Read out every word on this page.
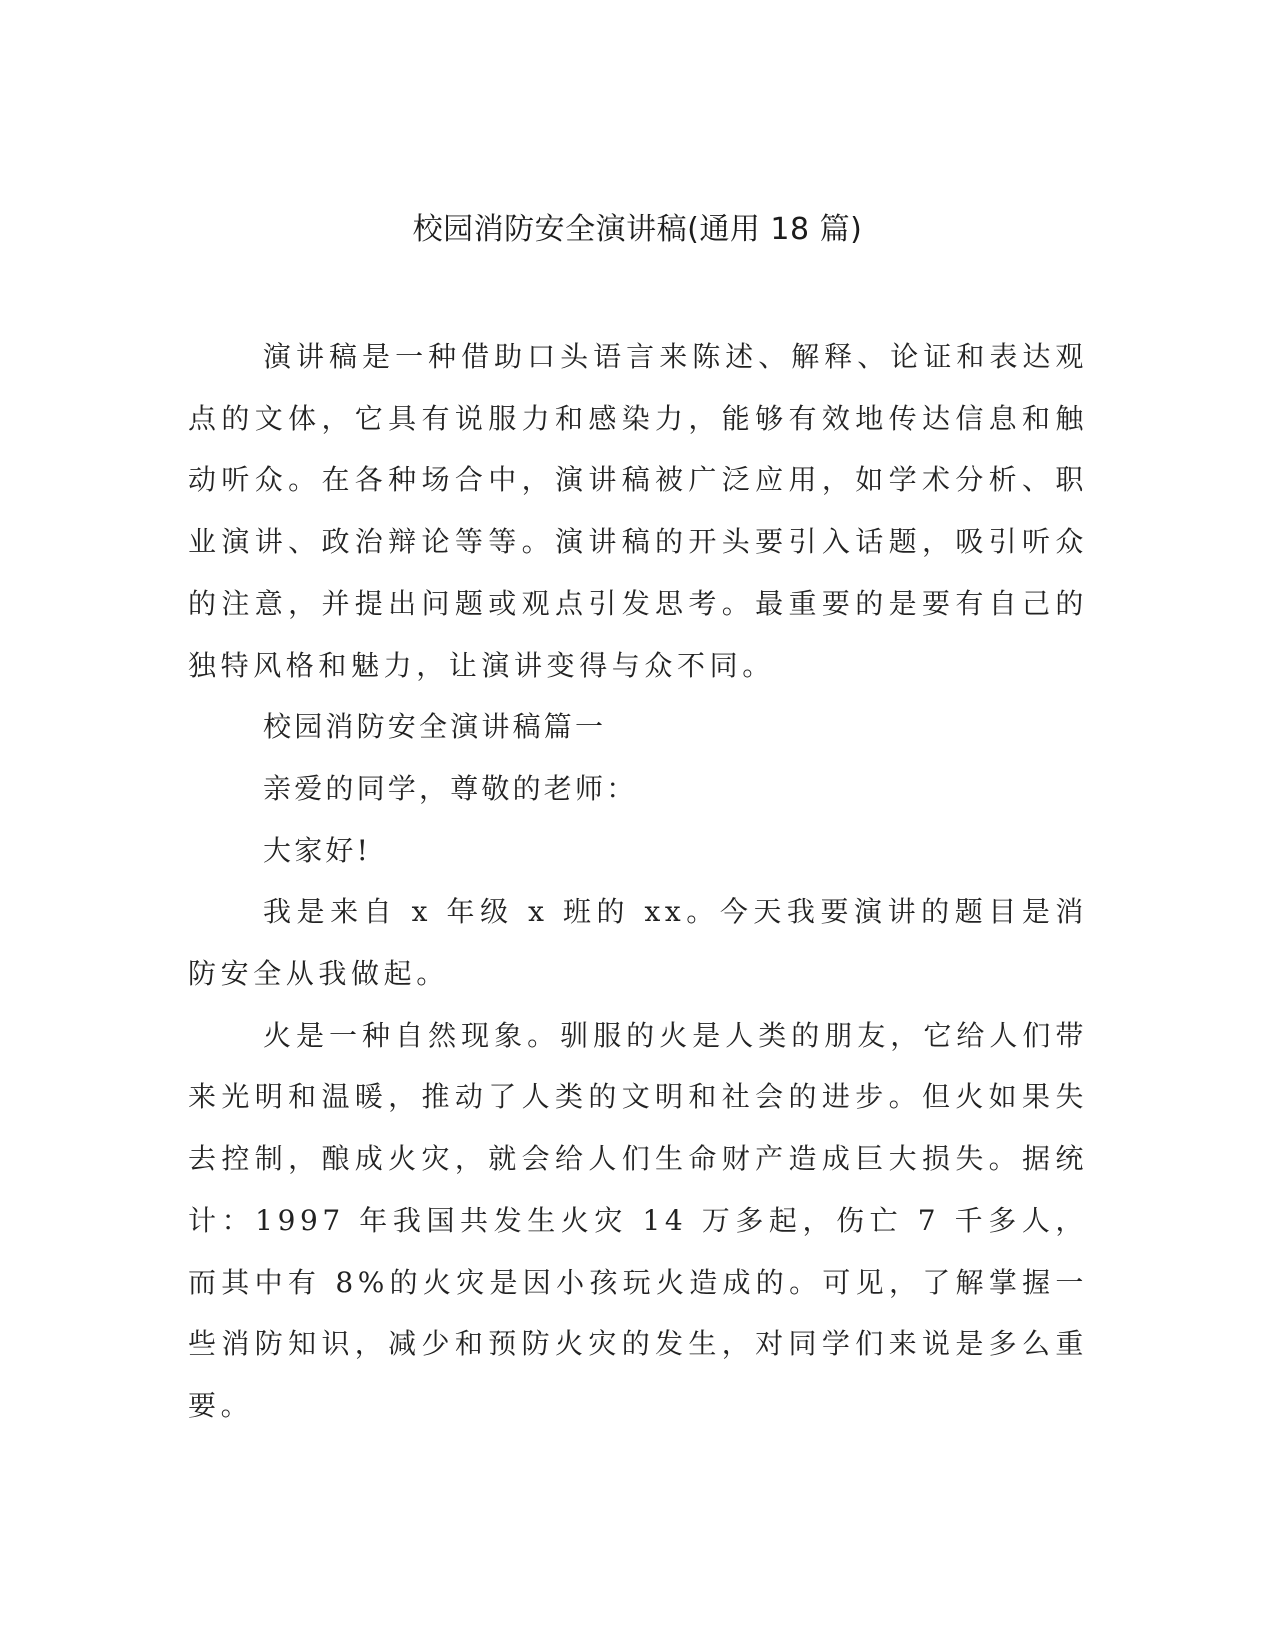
校园消防安全演讲稿(通用 18 篇)

演讲稿是一种借助口头语言来陈述、解释、论证和表达观点的文体，它具有说服力和感染力，能够有效地传达信息和触动听众。在各种场合中，演讲稿被广泛应用，如学术分析、职业演讲、政治辩论等等。演讲稿的开头要引入话题，吸引听众的注意，并提出问题或观点引发思考。最重要的是要有自己的独特风格和魅力，让演讲变得与众不同。

校园消防安全演讲稿篇一

亲爱的同学，尊敬的老师：

大家好!

我是来自 x 年级 x 班的 xx。今天我要演讲的题目是消防安全从我做起。

火是一种自然现象。驯服的火是人类的朋友，它给人们带来光明和温暖，推动了人类的文明和社会的进步。但火如果失去控制，酿成火灾，就会给人们生命财产造成巨大损失。据统计：1997 年我国共发生火灾 14 万多起，伤亡 7 千多人，而其中有 8%的火灾是因小孩玩火造成的。可见，了解掌握一些消防知识，减少和预防火灾的发生，对同学们来说是多么重要。
